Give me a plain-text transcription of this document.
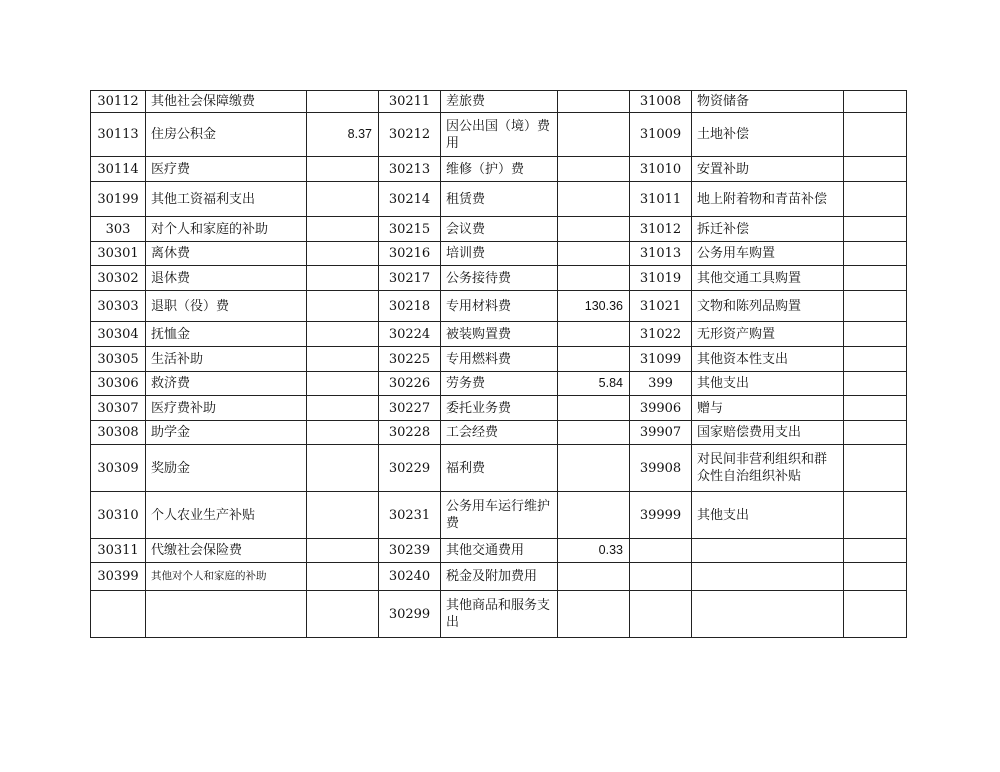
30112	其他社会保障缴费		30211	差旅费		31008	物资储备	
30113	住房公积金	8.37	30212	因公出国（境）费用		31009	土地补偿	
30114	医疗费		30213	维修（护）费		31010	安置补助	
30199	其他工资福利支出		30214	租赁费		31011	地上附着物和青苗补偿	
303	对个人和家庭的补助		30215	会议费		31012	拆迁补偿	
30301	离休费		30216	培训费		31013	公务用车购置	
30302	退休费		30217	公务接待费		31019	其他交通工具购置	
30303	退职（役）费		30218	专用材料费	130.36	31021	文物和陈列品购置	
30304	抚恤金		30224	被装购置费		31022	无形资产购置	
30305	生活补助		30225	专用燃料费		31099	其他资本性支出	
30306	救济费		30226	劳务费	5.84	399	其他支出	
30307	医疗费补助		30227	委托业务费		39906	赠与	
30308	助学金		30228	工会经费		39907	国家赔偿费用支出	
30309	奖励金		30229	福利费		39908	对民间非营利组织和群众性自治组织补贴	
30310	个人农业生产补贴		30231	公务用车运行维护费		39999	其他支出	
30311	代缴社会保险费		30239	其他交通费用	0.33			
30399	其他对个人和家庭的补助		30240	税金及附加费用				
			30299	其他商品和服务支出				
